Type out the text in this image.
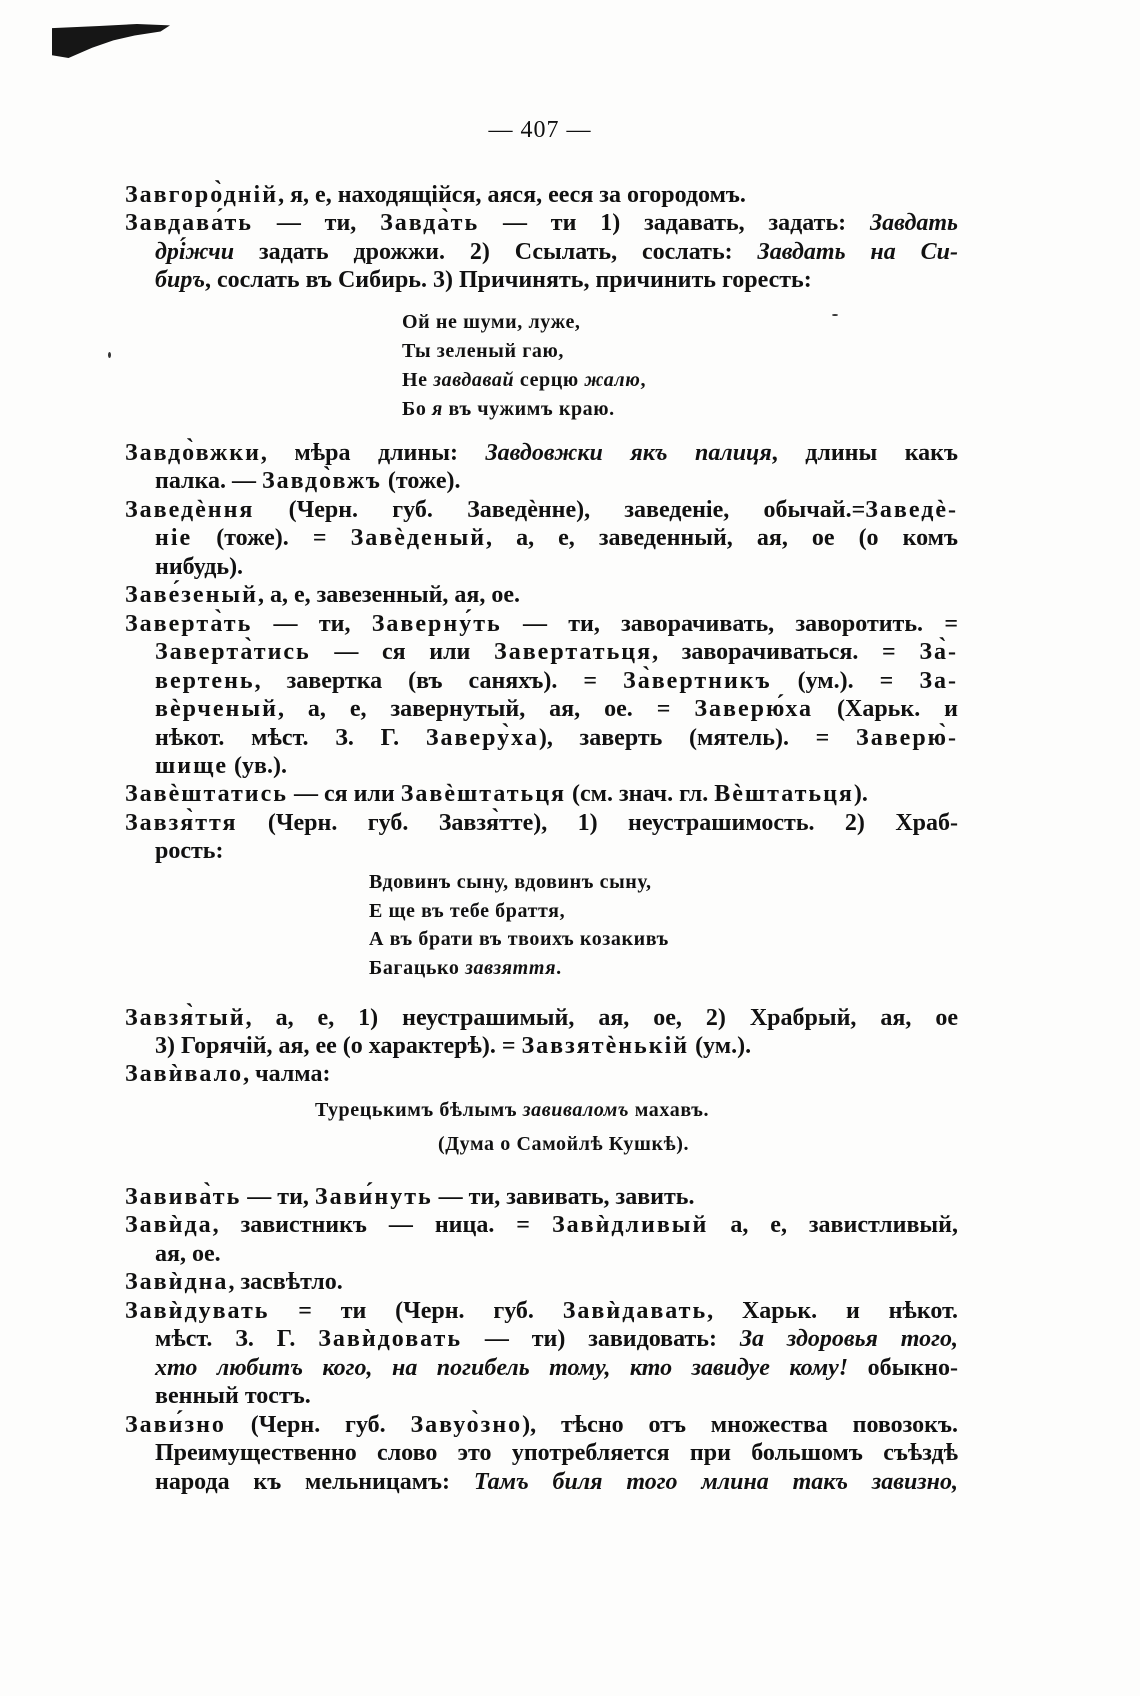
— 407 —
Завгоро̀дній, я, е, находящійся, аяся, ееся за огородомъ.
Завдава́ть — ти, Завда̀ть — ти 1) задавать, задать: Завдать
дрі́жчи задать дрожжи. 2) Ссылать, сослать: Завдать на Си-
биръ, сослать въ Сибирь. 3) Причинять, причинить горесть:
Ой не шуми, луже,
Ты зеленый гаю,
Не завдавай серцю жалю,
Бо я въ чужимъ краю.
Завдо̀вжки, мѣра длины: Завдовжки якъ палиця, длины какъ
палка. — Завдо̀вжъ (тоже).
Заведѐння (Черн. губ. Заведѐнне), заведеніе, обычай.=Заведѐ-
ніе (тоже). = Завѐденый, а, е, заведенный, ая, ое (о комъ
нибудь).
Заве́зеный, а, е, завезенный, ая, ое.
Заверта̀ть — ти, Заверну́ть — ти, заворачивать, заворотить. =
Заверта̀тись — ся или Завертатьця, заворачиваться. = За̀-
вертень, завертка (въ саняхъ). = За̀вертникъ (ум.). = За-
вѐрченый, а, е, завернутый, ая, ое. = Заверю́ха (Харьк. и
нѣкот. мѣст. З. Г. Заверу̀ха), заверть (мятель). = Заверю̀-
шище (ув.).
Завѐштатись — ся или Завѐштатьця (см. знач. гл. Вѐштатьця).
Завзя̀ття (Черн. губ. Завзя̀тте), 1) неустрашимость. 2) Храб-
рость:
Вдовинъ сыну, вдовинъ сыну,
Е ще въ тебе браття,
А въ брати въ твоихъ козакивъ
Багацько завзяття.
Завзя̀тый, а, е, 1) неустрашимый, ая, ое, 2) Храбрый, ая, ое
3) Горячій, ая, ее (о характерѣ). = Завзятѐнькій (ум.).
Завѝвало, чалма:
Турецькимъ бѣлымъ завиваломъ махавъ.
(Дума о Самойлѣ Кушкѣ).
Завива̀ть — ти, Зави́нуть — ти, завивать, завить.
Завѝда, завистникъ — ница. = Завѝдливый а, е, завистливый,
ая, ое.
Завѝдна, засвѣтло.
Завѝдувать = ти (Черн. губ. Завѝдавать, Харьк. и нѣкот.
мѣст. З. Г. Завѝдовать — ти) завидовать: За здоровья того,
хто любитъ кого, на погибель тому, кто завидуе кому! обыкно-
венный тостъ.
Зави́зно (Черн. губ. Завуо̀зно), тѣсно отъ множества повозокъ.
Преимущественно слово это употребляется при большомъ съѣздѣ
народа къ мельницамъ: Тамъ биля того млина такъ завизно,
